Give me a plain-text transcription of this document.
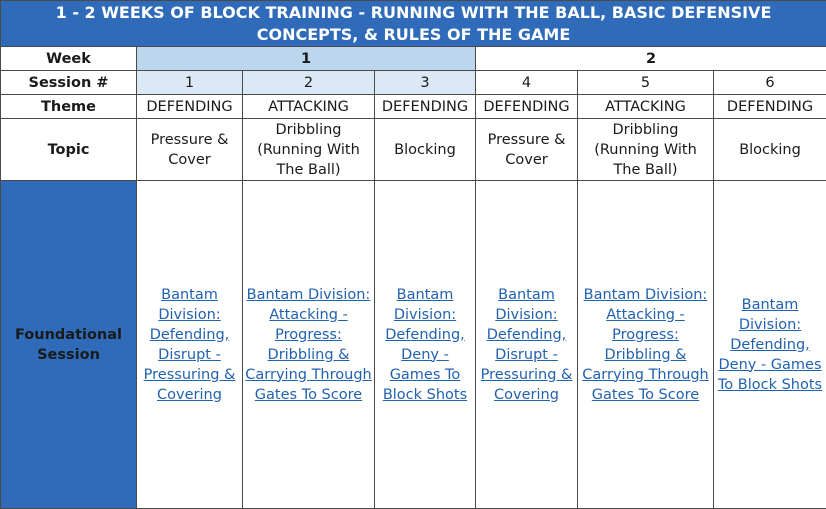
1 - 2 WEEKS OF BLOCK TRAINING - RUNNING WITH THE BALL, BASIC DEFENSIVE CONCEPTS, & RULES OF THE GAME						
Week	1			2		
Session #	1	2	3	4	5	6
Theme	DEFENDING	ATTACKING	DEFENDING	DEFENDING	ATTACKING	DEFENDING
Topic	Pressure & Cover	Dribbling (Running With The Ball)	Blocking	Pressure & Cover	Dribbling (Running With The Ball)	Blocking
Foundational Session	Bantam Division: Defending, Disrupt - Pressuring & Covering	Bantam Division: Attacking - Progress: Dribbling & Carrying Through Gates To Score	Bantam Division: Defending, Deny - Games To Block Shots	Bantam Division: Defending, Disrupt - Pressuring & Covering	Bantam Division: Attacking - Progress: Dribbling & Carrying Through Gates To Score	Bantam Division: Defending, Deny - Games To Block Shots
